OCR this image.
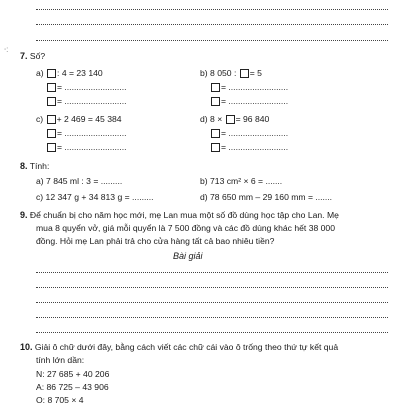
⸱:
7. Số?
a)
: 4 = 23 140
= ..........................
= ..........................
b)
8 050 :
= 5
= .........................
= .........................
c)
+ 2 469 = 45 384
= ..........................
= ..........................
d)
8 ×
= 96 840
= .........................
= .........................
8. Tính:
a) 7 845 ml : 3 = .........	b) 713 cm² × 6 = .......
c) 12 347 g + 34 813 g = .........	d) 78 650 mm – 29 160 mm = .......
9. Để chuẩn bị cho năm học mới, mẹ Lan mua một số đồ dùng học tập cho Lan. Mẹ
mua 8 quyển vở, giá mỗi quyển là 7 500 đồng và các đồ dùng khác hết 38 000
đồng. Hỏi mẹ Lan phải trả cho cửa hàng tất cả bao nhiêu tiền?
Bài giải
10. Giải ô chữ dưới đây, bằng cách viết các chữ cái vào ô trống theo thứ tự kết quả
tính lớn dần:
N: 27 685 + 40 206
A: 86 725 – 43 906
O: 8 705 × 4
